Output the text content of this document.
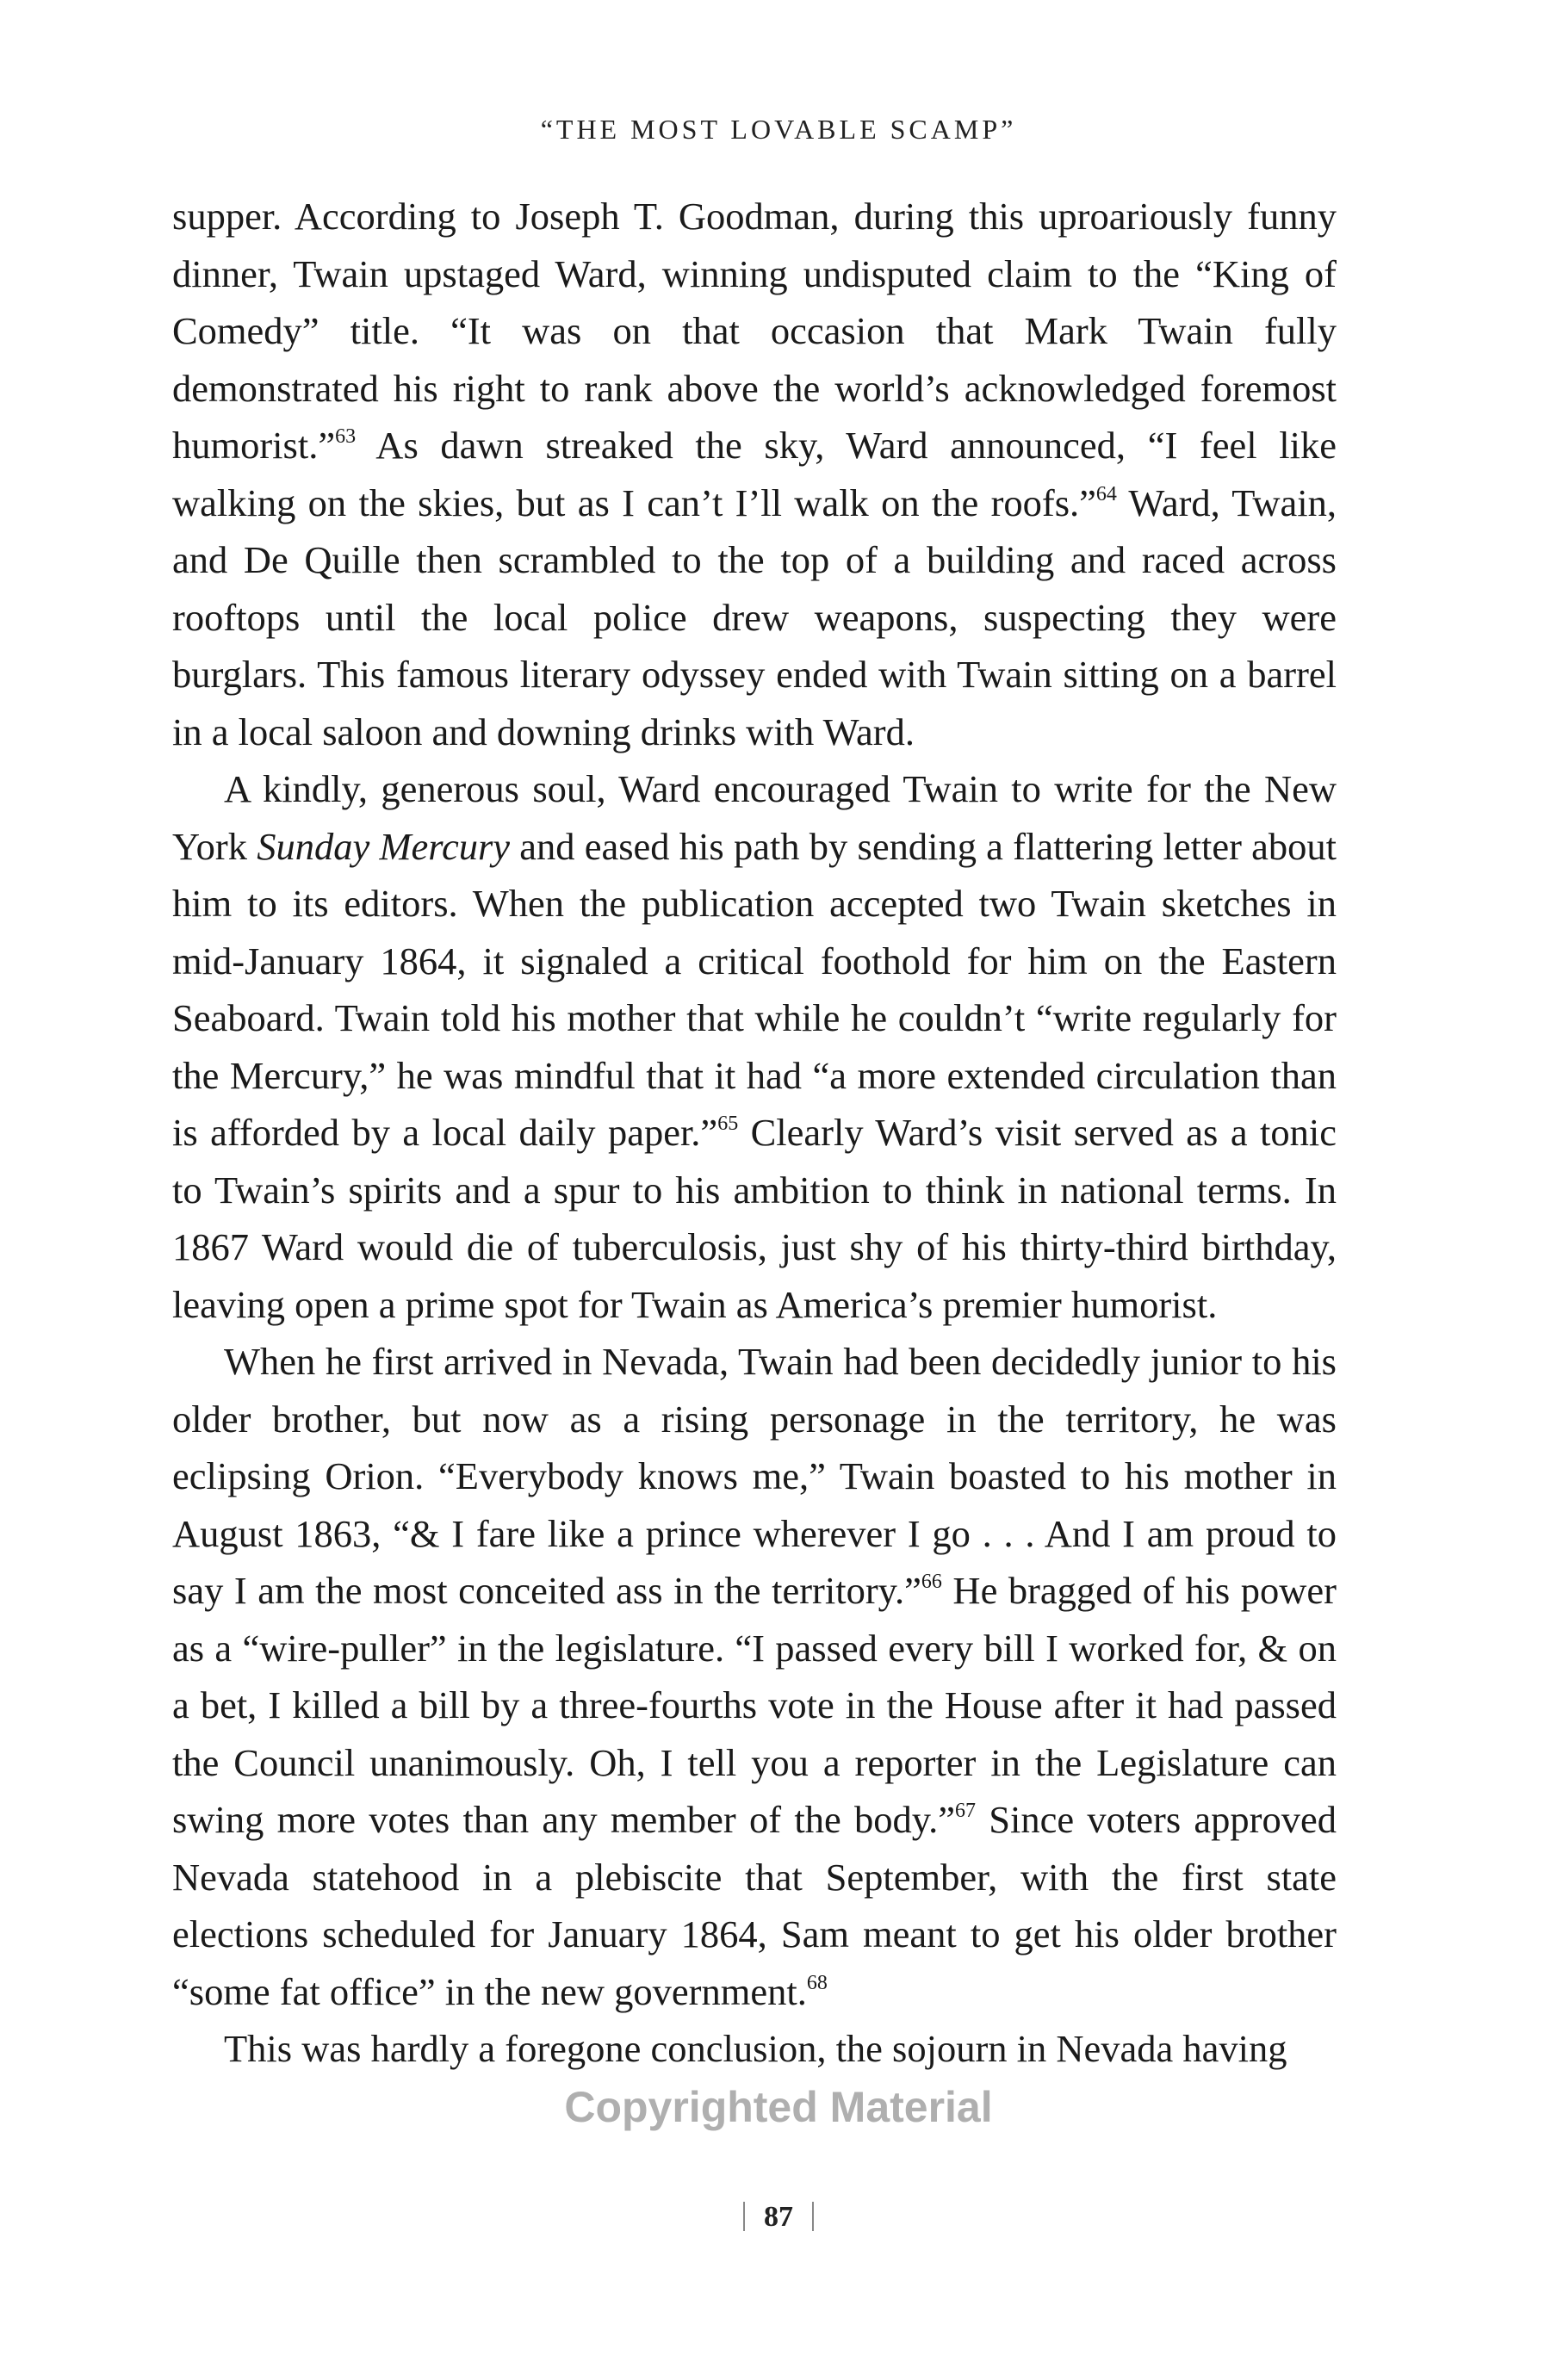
“THE MOST LOVABLE SCAMP”

supper. According to Joseph T. Goodman, during this uproariously funny dinner, Twain upstaged Ward, winning undisputed claim to the “King of Comedy” title. “It was on that occasion that Mark Twain fully demonstrated his right to rank above the world’s acknowledged foremost humorist.”$^{63}$ As dawn streaked the sky, Ward announced, “I feel like walking on the skies, but as I can’t I’ll walk on the roofs.”$^{64}$ Ward, Twain, and De Quille then scrambled to the top of a building and raced across rooftops until the local police drew weapons, suspecting they were burglars. This famous literary odyssey ended with Twain sitting on a barrel in a local saloon and downing drinks with Ward.

A kindly, generous soul, Ward encouraged Twain to write for the New York Sunday Mercury and eased his path by sending a flattering letter about him to its editors. When the publication accepted two Twain sketches in mid-January 1864, it signaled a critical foothold for him on the Eastern Seaboard. Twain told his mother that while he couldn’t “write regularly for the Mercury,” he was mindful that it had “a more extended circulation than is afforded by a local daily paper.”$^{65}$ Clearly Ward’s visit served as a tonic to Twain’s spirits and a spur to his ambition to think in national terms. In 1867 Ward would die of tuberculosis, just shy of his thirty-third birthday, leaving open a prime spot for Twain as America’s premier humorist.

When he first arrived in Nevada, Twain had been decidedly junior to his older brother, but now as a rising personage in the territory, he was eclipsing Orion. “Everybody knows me,” Twain boasted to his mother in August 1863, “& I fare like a prince wherever I go . . . And I am proud to say I am the most conceited ass in the territory.”$^{66}$ He bragged of his power as a “wire-puller” in the legislature. “I passed every bill I worked for, & on a bet, I killed a bill by a three-fourths vote in the House after it had passed the Council unanimously. Oh, I tell you a reporter in the Legislature can swing more votes than any member of the body.”$^{67}$ Since voters approved Nevada statehood in a plebiscite that September, with the first state elections scheduled for January 1864, Sam meant to get his older brother “some fat office” in the new government.$^{68}$

This was hardly a foregone conclusion, the sojourn in Nevada having

Copyrighted Material
87
